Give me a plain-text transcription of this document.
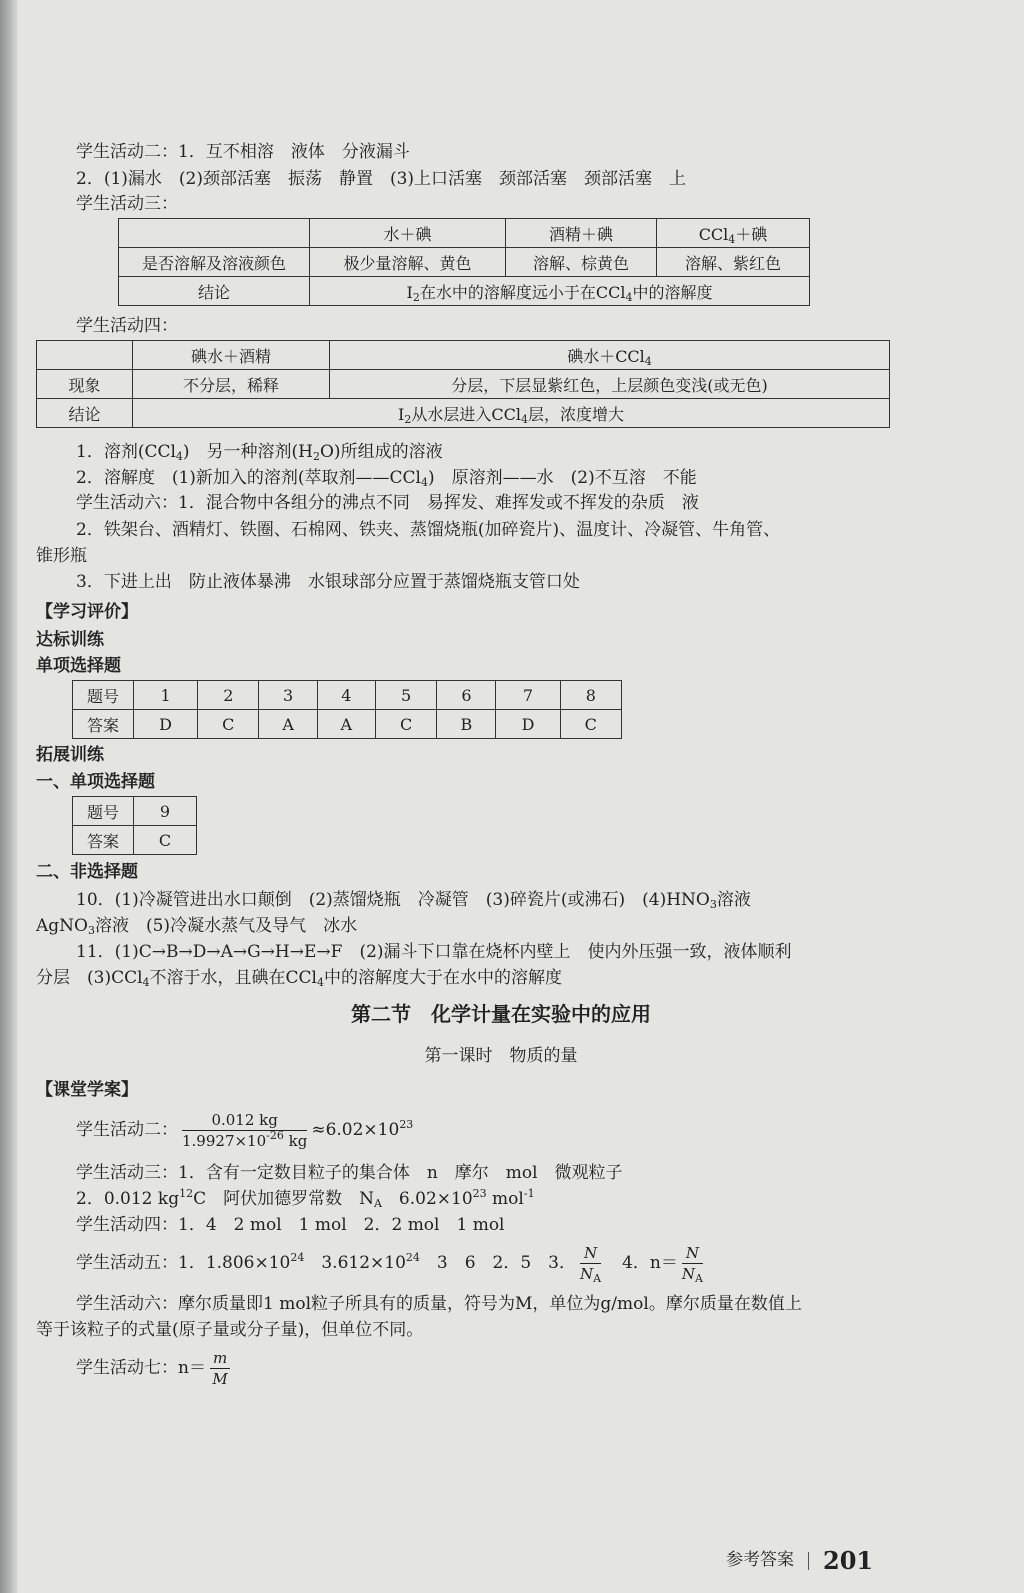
学生活动二：1．互不相溶　液体　分液漏斗
2．(1)漏水　(2)颈部活塞　振荡　静置　(3)上口活塞　颈部活塞　颈部活塞　上
学生活动三：
	水＋碘	酒精＋碘	CCl$_4$＋碘
是否溶解及溶液颜色	极少量溶解、黄色	溶解、棕黄色	溶解、紫红色
结论	$I_2$在水中的溶解度远小于在CCl$_4$中的溶解度		
学生活动四：
	碘水＋酒精	碘水＋CCl$_4$
现象	不分层，稀释	分层，下层显紫红色，上层颜色变浅(或无色)
结论	$I_2$从水层进入CCl$_4$层，浓度增大	
1．溶剂(CCl$_4$)　另一种溶剂$(H_2O)$所组成的溶液
2．溶解度　(1)新加入的溶剂(萃取剂——CCl$_4$)　原溶剂——水　(2)不互溶　不能
学生活动六：1．混合物中各组分的沸点不同　易挥发、难挥发或不挥发的杂质　液
2．铁架台、酒精灯、铁圈、石棉网、铁夹、蒸馏烧瓶(加碎瓷片)、温度计、冷凝管、牛角管、
锥形瓶
3．下进上出　防止液体暴沸　水银球部分应置于蒸馏烧瓶支管口处
【学习评价】
达标训练
单项选择题
题号	1	2	3	4	5	6	7	8
答案	D	C	A	A	C	B	D	C
拓展训练
一、单项选择题
题号	9
答案	C
二、非选择题
10．(1)冷凝管进出水口颠倒　(2)蒸馏烧瓶　冷凝管　(3)碎瓷片(或沸石)　$(4)HNO_3$溶液
AgNO$_3$溶液　(5)冷凝水蒸气及导气　冰水
11．(1)C→B→D→A→G→H→E→F　(2)漏斗下口靠在烧杯内壁上　使内外压强一致，液体顺利
分层　(3)CCl$_4$不溶于水，且碘在CCl$_4$中的溶解度大于在水中的溶解度
第二节　化学计量在实验中的应用
第一课时　物质的量
【课堂学案】
学生活动二： $\frac{0.012 kg}{1.9927\times 10^{-26} kg} \approx 6.02\times 10^{23}$
学生活动三：1．含有一定数目粒子的集合体　n　摩尔　mol　微观粒子
2．0.012 $kg^{12}C$　阿伏加德罗常数　$N_A$　$6.02\times 10^{23}$ mol$^{-1}$
学生活动四：1．4　2 mol　1 mol　2．2 mol　1 mol
学生活动五：1．$1.806\times 10^{24}$　$3.612\times 10^{24}$　3　6　2．5　3． $\frac{N}{N_A}$ 　4．$n= \frac{N}{N_A}$
学生活动六：摩尔质量即1 mol粒子所具有的质量，符号为M，单位为g/mol。摩尔质量在数值上
等于该粒子的式量(原子量或分子量)，但单位不同。
学生活动七：$n= \frac{m}{M}$
参考答案 201
